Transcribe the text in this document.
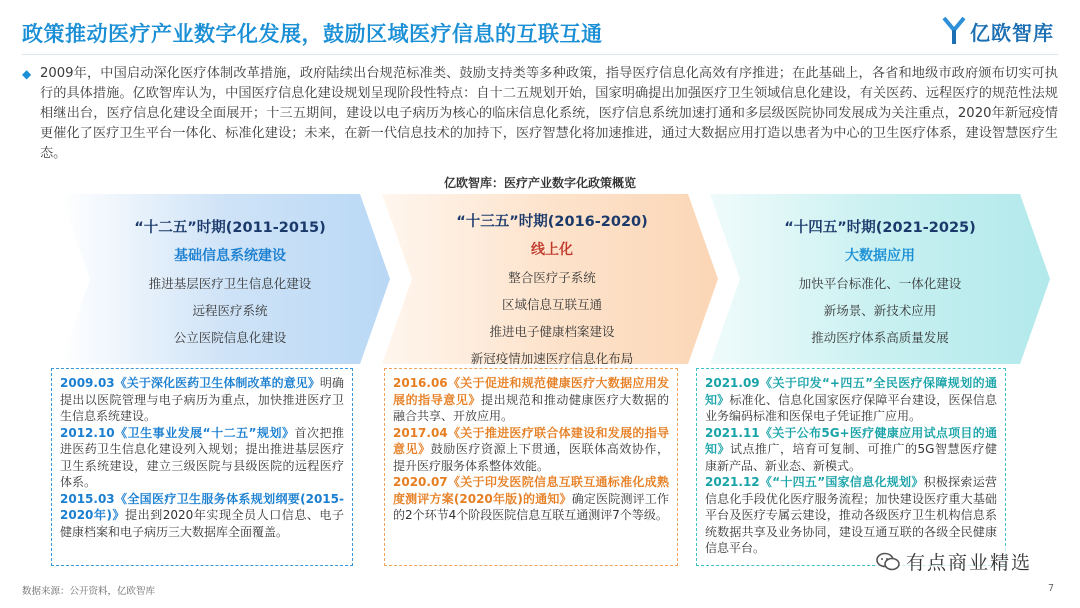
政策推动医疗产业数字化发展，鼓励区域医疗信息的互联互通	亿欧智库
◆ 2009年，中国启动深化医疗体制改革措施，政府陆续出台规范标准类、鼓励支持类等多种政策，指导医疗信息化高效有序推进；在此基础上，各省和地级市政府颁布切实可执行的具体措施。亿欧智库认为，中国医疗信息化建设规划呈现阶段性特点：自十二五规划开始，国家明确提出加强医疗卫生领域信息化建设，有关医药、远程医疗的规范性法规相继出台，医疗信息化建设全面展开；十三五期间，建设以电子病历为核心的临床信息化系统，医疗信息系统加速打通和多层级医院协同发展成为关注重点，2020年新冠疫情更催化了医疗卫生平台一体化、标准化建设；未来，在新一代信息技术的加持下，医疗智慧化将加速推进，通过大数据应用打造以患者为中心的卫生医疗体系，建设智慧医疗生态。

亿欧智库：医疗产业数字化政策概览
“十二五”时期(2011-2015)
基础信息系统建设
推进基层医疗卫生信息化建设
远程医疗系统
公立医院信息化建设
“十三五”时期(2016-2020)
线上化
整合医疗子系统
区域信息互联互通
推进电子健康档案建设
新冠疫情加速医疗信息化布局
“十四五”时期(2021-2025)
大数据应用
加快平台标准化、一体化建设
新场景、新技术应用
推动医疗体系高质量发展
2009.03《关于深化医药卫生体制改革的意见》明确提出以医院管理与电子病历为重点，加快推进医疗卫生信息系统建设。
2012.10《卫生事业发展“十二五”规划》首次把推进医药卫生信息化建设列入规划；提出推进基层医疗卫生系统建设，建立三级医院与县级医院的远程医疗体系。
2015.03《全国医疗卫生服务体系规划纲要(2015-2020年)》提出到2020年实现全员人口信息、电子健康档案和电子病历三大数据库全面覆盖。
2016.06《关于促进和规范健康医疗大数据应用发展的指导意见》提出规范和推动健康医疗大数据的融合共享、开放应用。
2017.04《关于推进医疗联合体建设和发展的指导意见》鼓励医疗资源上下贯通，医联体高效协作，提升医疗服务体系整体效能。
2020.07《关于印发医院信息互联互通标准化成熟度测评方案(2020年版)的通知》确定医院测评工作的2个环节4个阶段医院信息互联互通测评7个等级。
2021.09《关于印发“+四五”全民医疗保障规划的通知》标准化、信息化国家医疗保障平台建设，医保信息业务编码标准和医保电子凭证推广应用。
2021.11《关于公布5G+医疗健康应用试点项目的通知》试点推广，培育可复制、可推广的5G智慧医疗健康新产品、新业态、新模式。
2021.12《“十四五”国家信息化规划》积极探索运营信息化手段优化医疗服务流程；加快建设医疗重大基础平台及医疗专属云建设，推动各级医疗卫生机构信息系统数据共享及业务协同，建设互通互联的各级全民健康信息平台。
数据来源：公开资料，亿欧智库
有点商业精选
7
